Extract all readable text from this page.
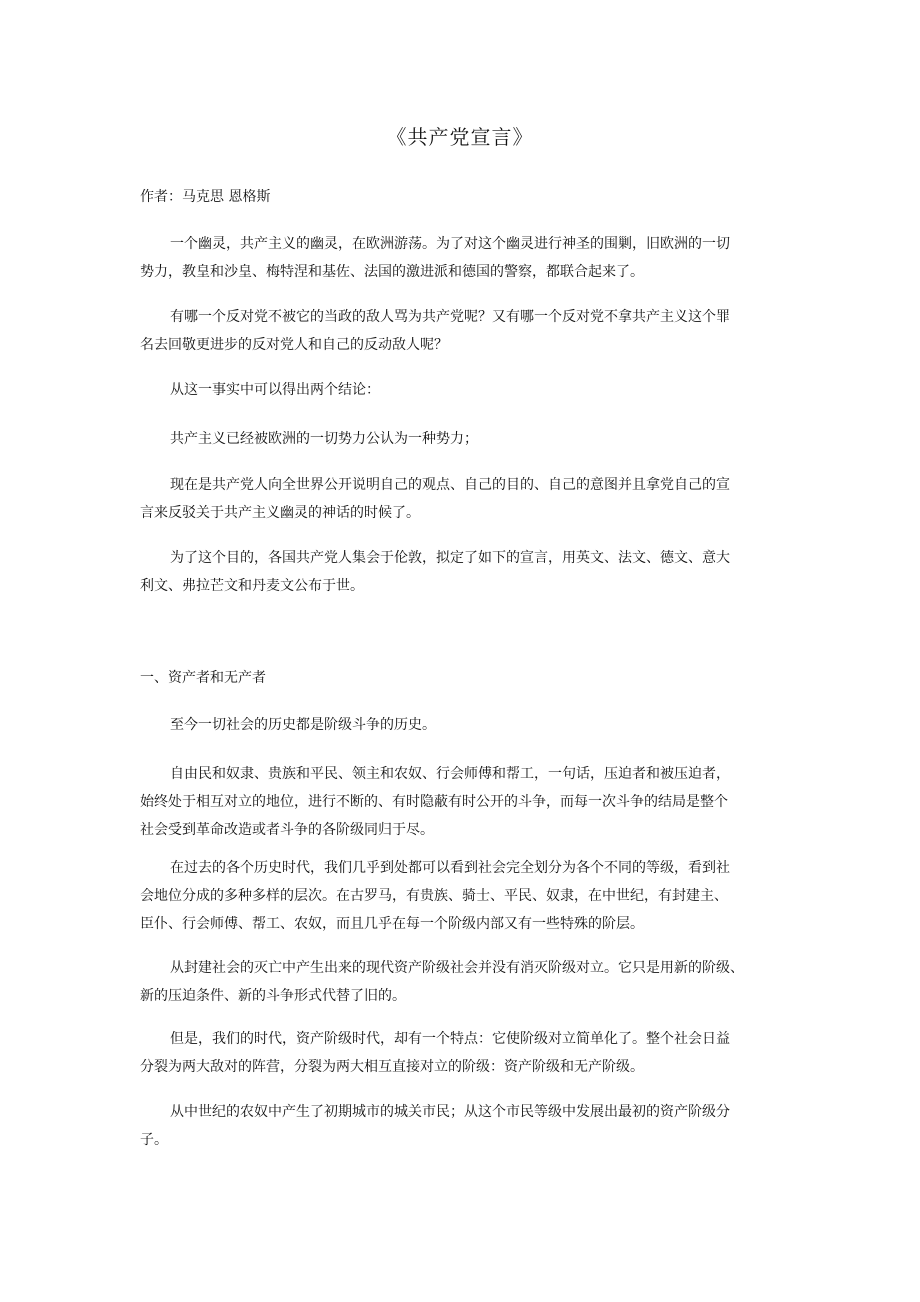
《共产党宣言》
作者：马克思 恩格斯
一个幽灵，共产主义的幽灵，在欧洲游荡。为了对这个幽灵进行神圣的围剿，旧欧洲的一切
势力，教皇和沙皇、梅特涅和基佐、法国的激进派和德国的警察，都联合起来了。
有哪一个反对党不被它的当政的敌人骂为共产党呢？又有哪一个反对党不拿共产主义这个罪
名去回敬更进步的反对党人和自己的反动敌人呢？
从这一事实中可以得出两个结论：
共产主义已经被欧洲的一切势力公认为一种势力；
现在是共产党人向全世界公开说明自己的观点、自己的目的、自己的意图并且拿党自己的宣
言来反驳关于共产主义幽灵的神话的时候了。
为了这个目的，各国共产党人集会于伦敦，拟定了如下的宣言，用英文、法文、德文、意大
利文、弗拉芒文和丹麦文公布于世。
一、资产者和无产者
至今一切社会的历史都是阶级斗争的历史。
自由民和奴隶、贵族和平民、领主和农奴、行会师傅和帮工，一句话，压迫者和被压迫者，
始终处于相互对立的地位，进行不断的、有时隐蔽有时公开的斗争，而每一次斗争的结局是整个
社会受到革命改造或者斗争的各阶级同归于尽。
在过去的各个历史时代，我们几乎到处都可以看到社会完全划分为各个不同的等级，看到社
会地位分成的多种多样的层次。在古罗马，有贵族、骑士、平民、奴隶，在中世纪，有封建主、
臣仆、行会师傅、帮工、农奴，而且几乎在每一个阶级内部又有一些特殊的阶层。
从封建社会的灭亡中产生出来的现代资产阶级社会并没有消灭阶级对立。它只是用新的阶级、
新的压迫条件、新的斗争形式代替了旧的。
但是，我们的时代，资产阶级时代，却有一个特点：它使阶级对立简单化了。整个社会日益
分裂为两大敌对的阵营，分裂为两大相互直接对立的阶级：资产阶级和无产阶级。
从中世纪的农奴中产生了初期城市的城关市民；从这个市民等级中发展出最初的资产阶级分
子。
